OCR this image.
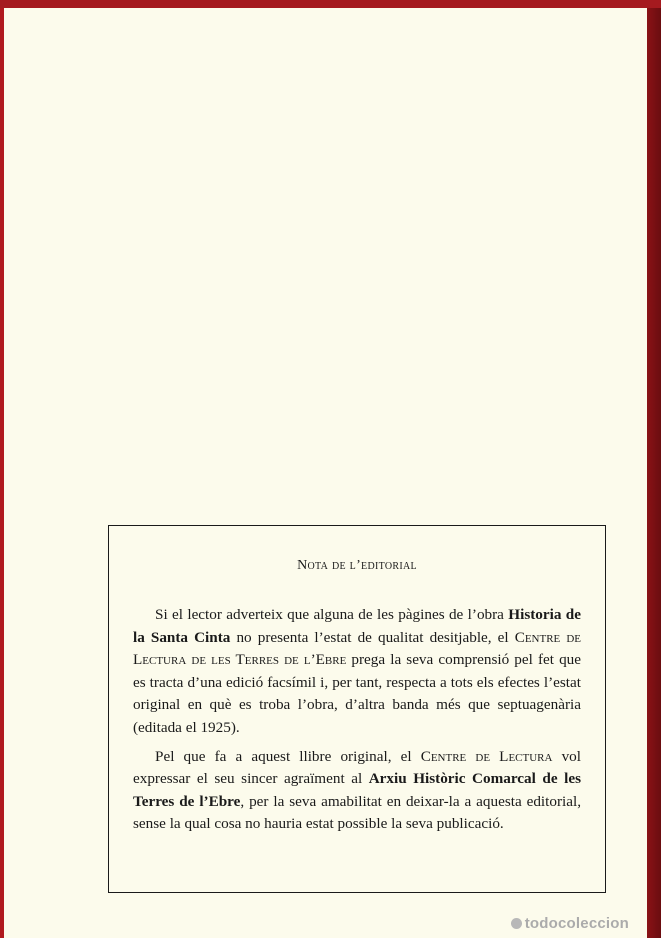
Nota de l’editorial

Si el lector adverteix que alguna de les pàgines de l’obra Historia de la Santa Cinta no presenta l’estat de qualitat desitjable, el Centre de Lectura de les Terres de l’Ebre prega la seva comprensió pel fet que es tracta d’una edició facsímil i, per tant, respecta a tots els efectes l’estat original en què es troba l’obra, d’altra banda més que septuagenària (editada el 1925).

Pel que fa a aquest llibre original, el Centre de Lectura vol expressar el seu sincer agraïment al Arxiu Històric Comarcal de les Terres de l’Ebre, per la seva amabilitat en deixar-la a aquesta editorial, sense la qual cosa no hauria estat possible la seva publicació.

todocoleccion
